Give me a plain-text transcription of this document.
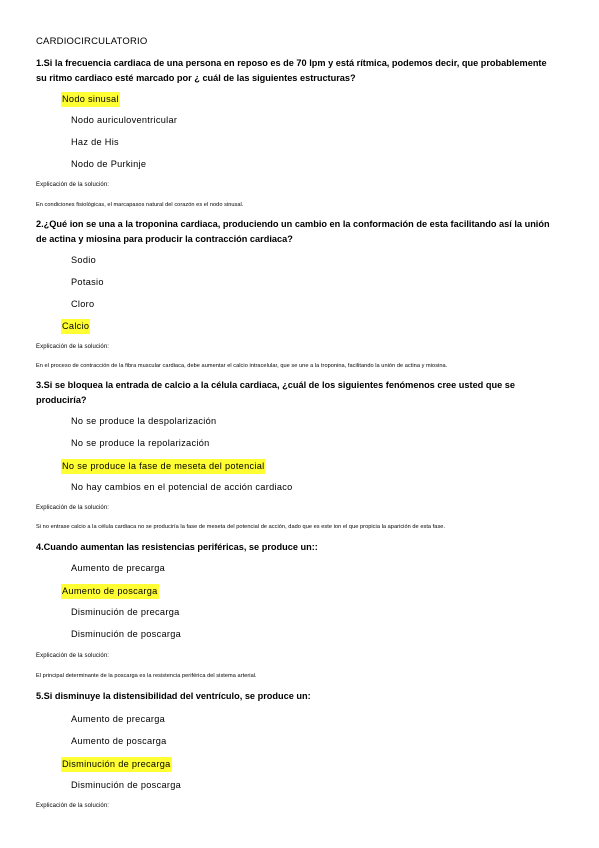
CARDIOCIRCULATORIO
1.Si la frecuencia cardiaca de una persona en reposo es de 70 lpm y está rítmica, podemos decir, que probablemente su ritmo cardiaco esté marcado por ¿ cuál de las siguientes estructuras?
Nodo sinusal
Nodo auriculoventricular
Haz de His
Nodo de Purkinje
Explicación de la solución:
En condiciones fisiológicas, el marcapasos natural del corazón es el nodo sinusal.
2.¿Qué ion se una a la troponina cardiaca, produciendo un cambio en la conformación de esta facilitando así la unión de actina y miosina para producir la contracción cardiaca?
Sodio
Potasio
Cloro
Calcio
Explicación de la solución:
En el proceso de contracción de la fibra muscular cardiaca, debe aumentar el calcio intracelular, que se une a la troponina, facilitando la unión de actina y miosina.
3.Si se bloquea la entrada de calcio a la célula cardiaca, ¿cuál de los siguientes fenómenos cree usted que se produciría?
No se produce la despolarización
No se produce la repolarización
No se produce la fase de meseta del potencial
No hay cambios en el potencial de acción cardiaco
Explicación de la solución:
Si no entrase calcio a la célula cardiaca no se produciría la fase de meseta del potencial de acción, dado que es este ion el que propicia la aparición de esta fase.
4.Cuando aumentan las resistencias periféricas, se produce un::
Aumento de precarga
Aumento de poscarga
Disminución de precarga
Disminución de poscarga
Explicación de la solución:
El principal determinante de la poscarga es la resistencia periférica del sistema arterial.
5.Si disminuye la distensibilidad del ventrículo, se produce un:
Aumento de precarga
Aumento de poscarga
Disminución de precarga
Disminución de poscarga
Explicación de la solución:
